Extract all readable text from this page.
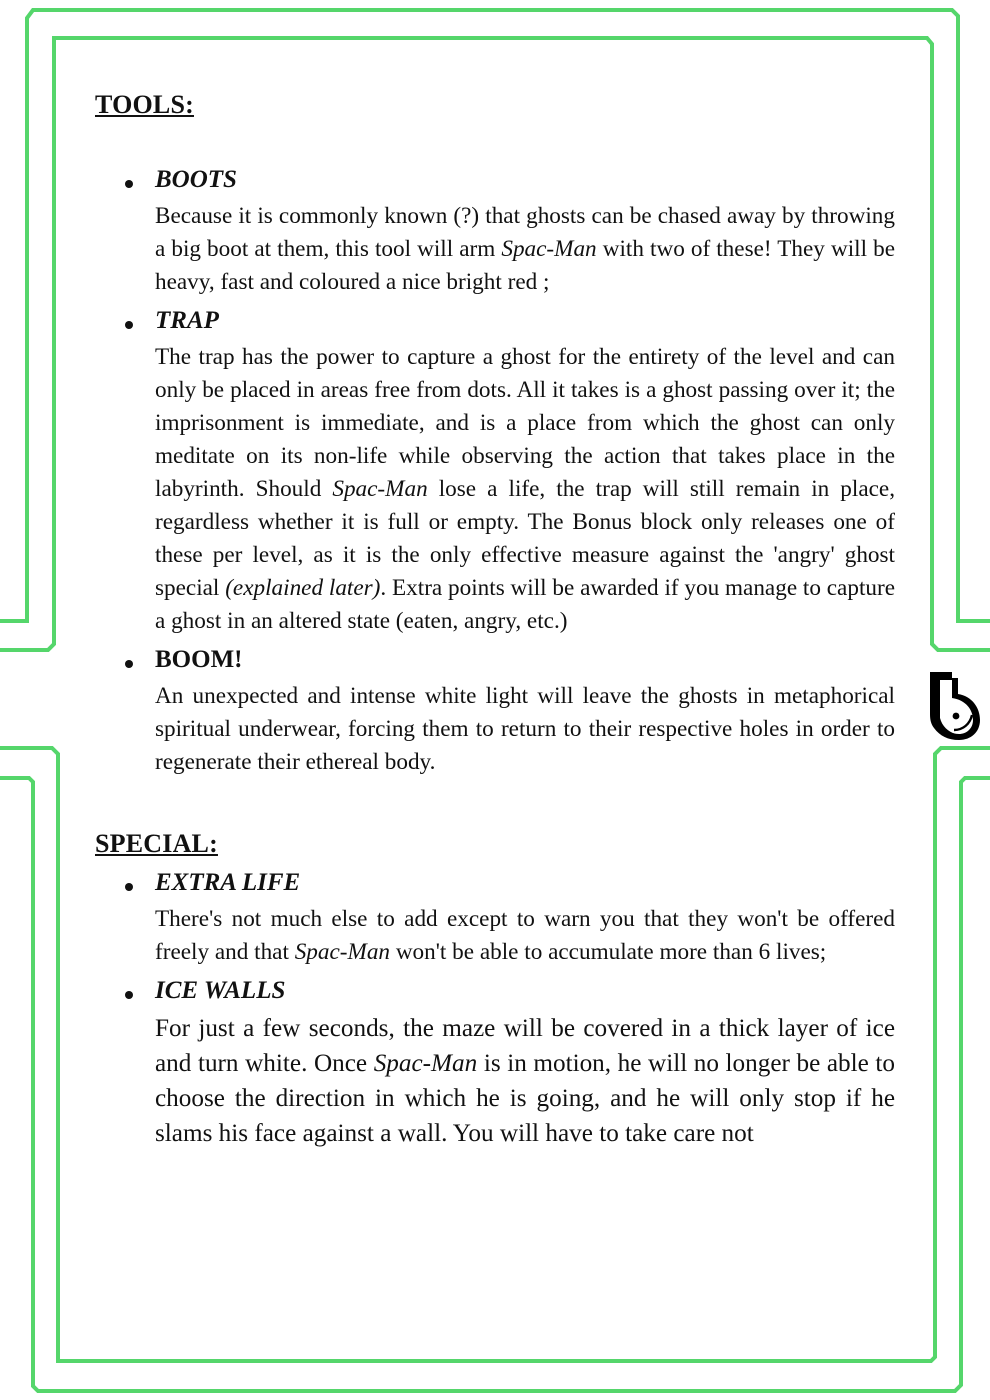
TOOLS:

BOOTS

Because it is commonly known (?) that ghosts can be chased away by throwing a big boot at them, this tool will arm Spac-Man with two of these! They will be heavy, fast and coloured a nice bright red ;

TRAP

The trap has the power to capture a ghost for the entirety of the level and can only be placed in areas free from dots. All it takes is a ghost passing over it; the imprisonment is immediate, and is a place from which the ghost can only meditate on its non-life while observing the action that takes place in the labyrinth. Should Spac-Man lose a life, the trap will still remain in place, regardless whether it is full or empty. The Bonus block only releases one of these per level, as it is the only effective measure against the 'angry' ghost special (explained later). Extra points will be awarded if you manage to capture a ghost in an altered state (eaten, angry, etc.)

BOOM!

An unexpected and intense white light will leave the ghosts in metaphorical spiritual underwear, forcing them to return to their respective holes in order to regenerate their ethereal body.

SPECIAL:

EXTRA LIFE

There's not much else to add except to warn you that they won't be offered freely and that Spac-Man won't be able to accumulate more than 6 lives;

ICE WALLS

For just a few seconds, the maze will be covered in a thick layer of ice and turn white. Once Spac-Man is in motion, he will no longer be able to choose the direction in which he is going, and he will only stop if he slams his face against a wall. You will have to take care not
